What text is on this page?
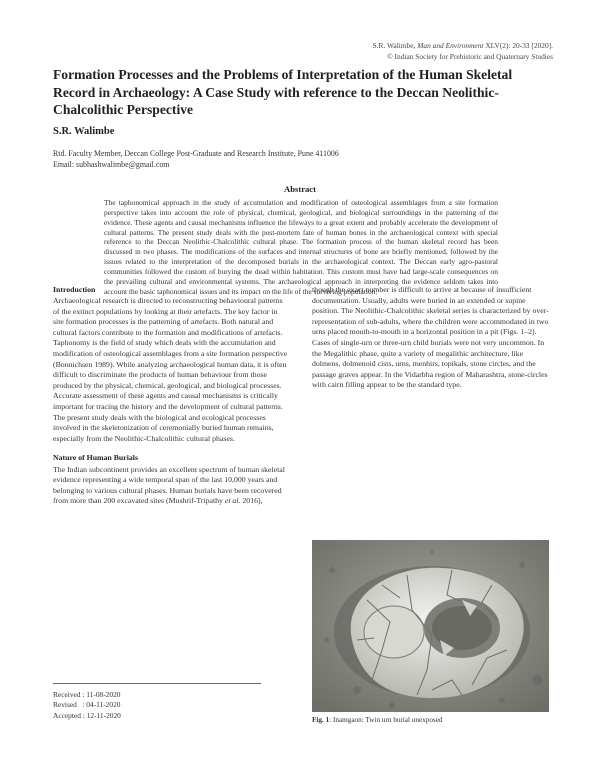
S.R. Walimbe, Man and Environment XLV(2): 20-33 [2020].
© Indian Society for Prehistoric and Quaternary Studies
Formation Processes and the Problems of Interpretation of the Human Skeletal Record in Archaeology: A Case Study with reference to the Deccan Neolithic-Chalcolithic Perspective
S.R. Walimbe
Rtd. Faculty Member, Deccan College Post-Graduate and Research Institute, Pune 411006
Email: subhashwalimbe@gmail.com
Abstract

The taphonomical approach in the study of accumulation and modification of osteological assemblages from a site formation perspective takes into account the role of physical, chemical, geological, and biological surroundings in the patterning of the evidence. These agents and causal mechanisms influence the lifeways to a great extent and probably accelerate the development of cultural patterns. The present study deals with the post-mortem fate of human bones in the archaeological context with special reference to the Deccan Neolithic-Chalcolithic cultural phase. The formation process of the human skeletal record has been discussed in two phases. The modifications of the surfaces and internal structures of bone are briefly mentioned, followed by the issues related to the interpretation of the decomposed burials in the archaeological context. The Deccan early agro-pastoral communities followed the custom of burying the dead within habitation. This custom must have had large-scale consequences on the prevailing cultural and environmental systems. The archaeological approach in interpreting the evidence seldom takes into account the basic taphonomical issues and its impact on the life of the surviving population.

Introduction

Archaeological research is directed to reconstructing behavioural patterns of the extinct populations by looking at their artefacts. The key factor in site formation processes is the patterning of artefacts. Both natural and cultural factors contribute to the formation and modifications of artefacts. Taphonomy is the field of study which deals with the accumulation and modification of osteological assemblages from a site formation perspective (Bonnichsen 1989). While analyzing archaeological human data, it is often difficult to discriminate the products of human behaviour from those produced by the physical, chemical, geological, and biological processes. Accurate assessment of these agents and causal mechanisms is critically important for tracing the history and the development of cultural patterns. The present study deals with the biological and ecological processes involved in the skeletonization of ceremonially buried human remains, especially from the Neolithic-Chalcolithic cultural phases.

Nature of Human Burials

The Indian subcontinent provides an excellent spectrum of human skeletal evidence representing a wide temporal span of the last 10,000 years and belonging to various cultural phases. Human burials have been recovered from more than 200 excavated sites (Mushrif-Tripathy et al. 2016),

though the exact number is difficult to arrive at because of insufficient documentation. Usually, adults were buried in an extended or supine position. The Neolithic-Chalcolithic skeletal series is characterized by over-representation of sub-adults, where the children were accommodated in two urns placed mouth-to-mouth in a horizontal position in a pit (Figs. 1–2). Cases of single-urn or three-urn child burials were not very uncommon. In the Megalithic phase, quite a variety of megalithic architecture, like dolmens, dolmenoid cists, urns, menhirs, topikals, stone circles, and the passage graves appear. In the Vidarbha region of Maharashtra, stone-circles with cairn filling appear to be the standard type.

Fig. 1: Inamgaon: Twin urn burial unexposed
Received : 11-08-2020
Revised   : 04-11-2020
Accepted : 12-11-2020
